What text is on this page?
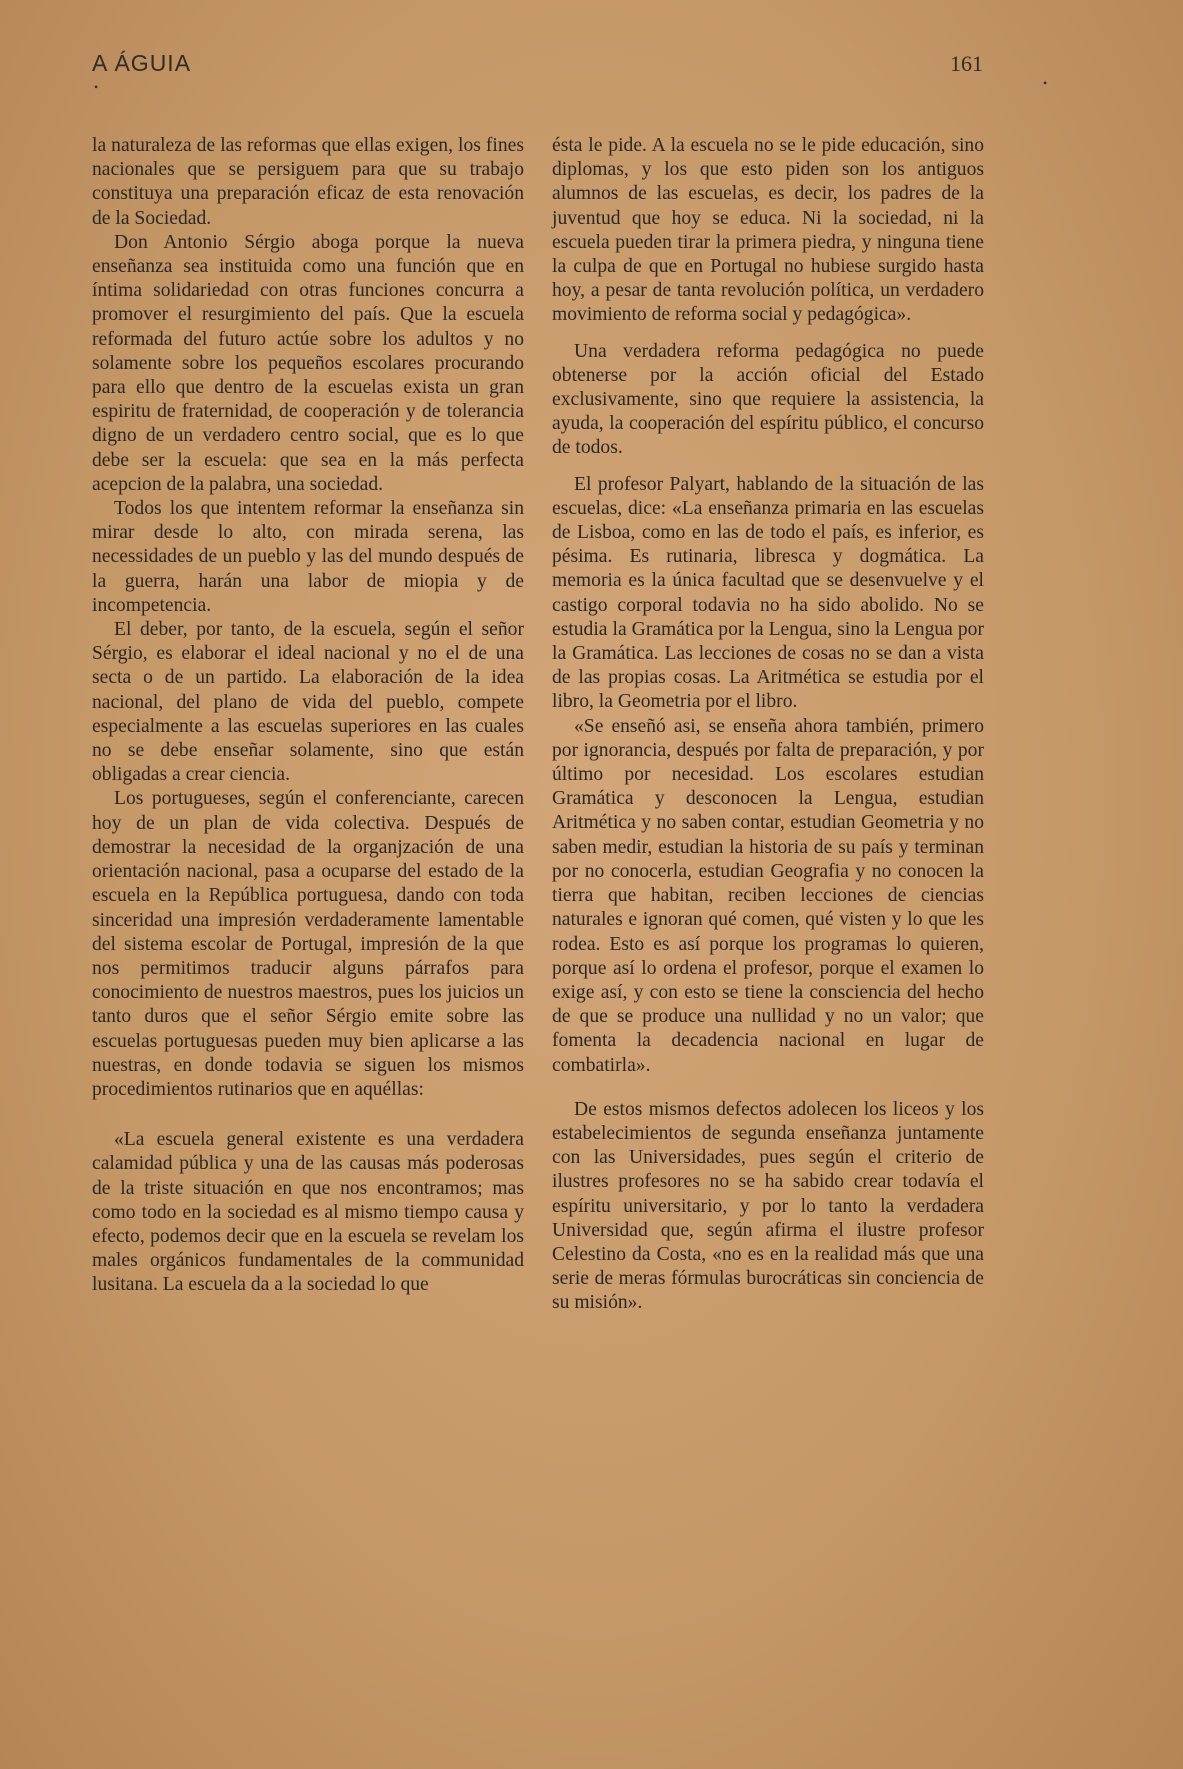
A ÁGUIA	161
•	•

la naturaleza de las reformas que ellas exigen, los fines nacionales que se persiguem para que su trabajo constituya una preparación eficaz de esta renovación de la Sociedad.

Don Antonio Sérgio aboga porque la nueva enseñanza sea instituida como una función que en íntima solidariedad con otras funciones concurra a promover el resurgimiento del país. Que la escuela reformada del futuro actúe sobre los adultos y no solamente sobre los pequeños escolares procurando para ello que dentro de la escuelas exista un gran espiritu de fraternidad, de cooperación y de tolerancia digno de un verdadero centro social, que es lo que debe ser la escuela: que sea en la más perfecta acepcion de la palabra, una sociedad.

Todos los que intentem reformar la enseñanza sin mirar desde lo alto, con mirada serena, las necessidades de un pueblo y las del mundo después de la guerra, harán una labor de miopia y de incompetencia.

El deber, por tanto, de la escuela, según el señor Sérgio, es elaborar el ideal nacional y no el de una secta o de un partido. La elaboración de la idea nacional, del plano de vida del pueblo, compete especialmente a las escuelas superiores en las cuales no se debe enseñar solamente, sino que están obligadas a crear ciencia.

Los portugueses, según el conferenciante, carecen hoy de un plan de vida colectiva. Después de demostrar la necesidad de la organjzación de una orientación nacional, pasa a ocuparse del estado de la escuela en la República portuguesa, dando con toda sinceridad una impresión verdaderamente lamentable del sistema escolar de Portugal, impresión de la que nos permitimos traducir alguns párrafos para conocimiento de nuestros maestros, pues los juicios un tanto duros que el señor Sérgio emite sobre las escuelas portuguesas pueden muy bien aplicarse a las nuestras, en donde todavia se siguen los mismos procedimientos rutinarios que en aquéllas:

«La escuela general existente es una verdadera calamidad pública y una de las causas más poderosas de la triste situación en que nos encontramos; mas como todo en la sociedad es al mismo tiempo causa y efecto, podemos decir que en la escuela se revelam los males orgánicos fundamentales de la communidad lusitana. La escuela da a la sociedad lo que

ésta le pide. A la escuela no se le pide educación, sino diplomas, y los que esto piden son los antiguos alumnos de las escuelas, es decir, los padres de la juventud que hoy se educa. Ni la sociedad, ni la escuela pueden tirar la primera piedra, y ninguna tiene la culpa de que en Portugal no hubiese surgido hasta hoy, a pesar de tanta revolución política, un verdadero movimiento de reforma social y pedagógica».

Una verdadera reforma pedagógica no puede obtenerse por la acción oficial del Estado exclusivamente, sino que requiere la assistencia, la ayuda, la cooperación del espíritu público, el concurso de todos.

El profesor Palyart, hablando de la situación de las escuelas, dice: «La enseñanza primaria en las escuelas de Lisboa, como en las de todo el país, es inferior, es pésima. Es rutinaria, libresca y dogmática. La memoria es la única facultad que se desenvuelve y el castigo corporal todavia no ha sido abolido. No se estudia la Gramática por la Lengua, sino la Lengua por la Gramática. Las lecciones de cosas no se dan a vista de las propias cosas. La Aritmética se estudia por el libro, la Geometria por el libro.

«Se enseñó asi, se enseña ahora también, primero por ignorancia, después por falta de preparación, y por último por necesidad. Los escolares estudian Gramática y desconocen la Lengua, estudian Aritmética y no saben contar, estudian Geometria y no saben medir, estudian la historia de su país y terminan por no conocerla, estudian Geografia y no conocen la tierra que habitan, reciben lecciones de ciencias naturales e ignoran qué comen, qué visten y lo que les rodea. Esto es así porque los programas lo quieren, porque así lo ordena el profesor, porque el examen lo exige así, y con esto se tiene la consciencia del hecho de que se produce una nullidad y no un valor; que fomenta la decadencia nacional en lugar de combatirla».

De estos mismos defectos adolecen los liceos y los estabelecimientos de segunda enseñanza juntamente con las Universidades, pues según el criterio de ilustres profesores no se ha sabido crear todavía el espíritu universitario, y por lo tanto la verdadera Universidad que, según afirma el ilustre profesor Celestino da Costa, «no es en la realidad más que una serie de meras fórmulas burocráticas sin conciencia de su misión».
